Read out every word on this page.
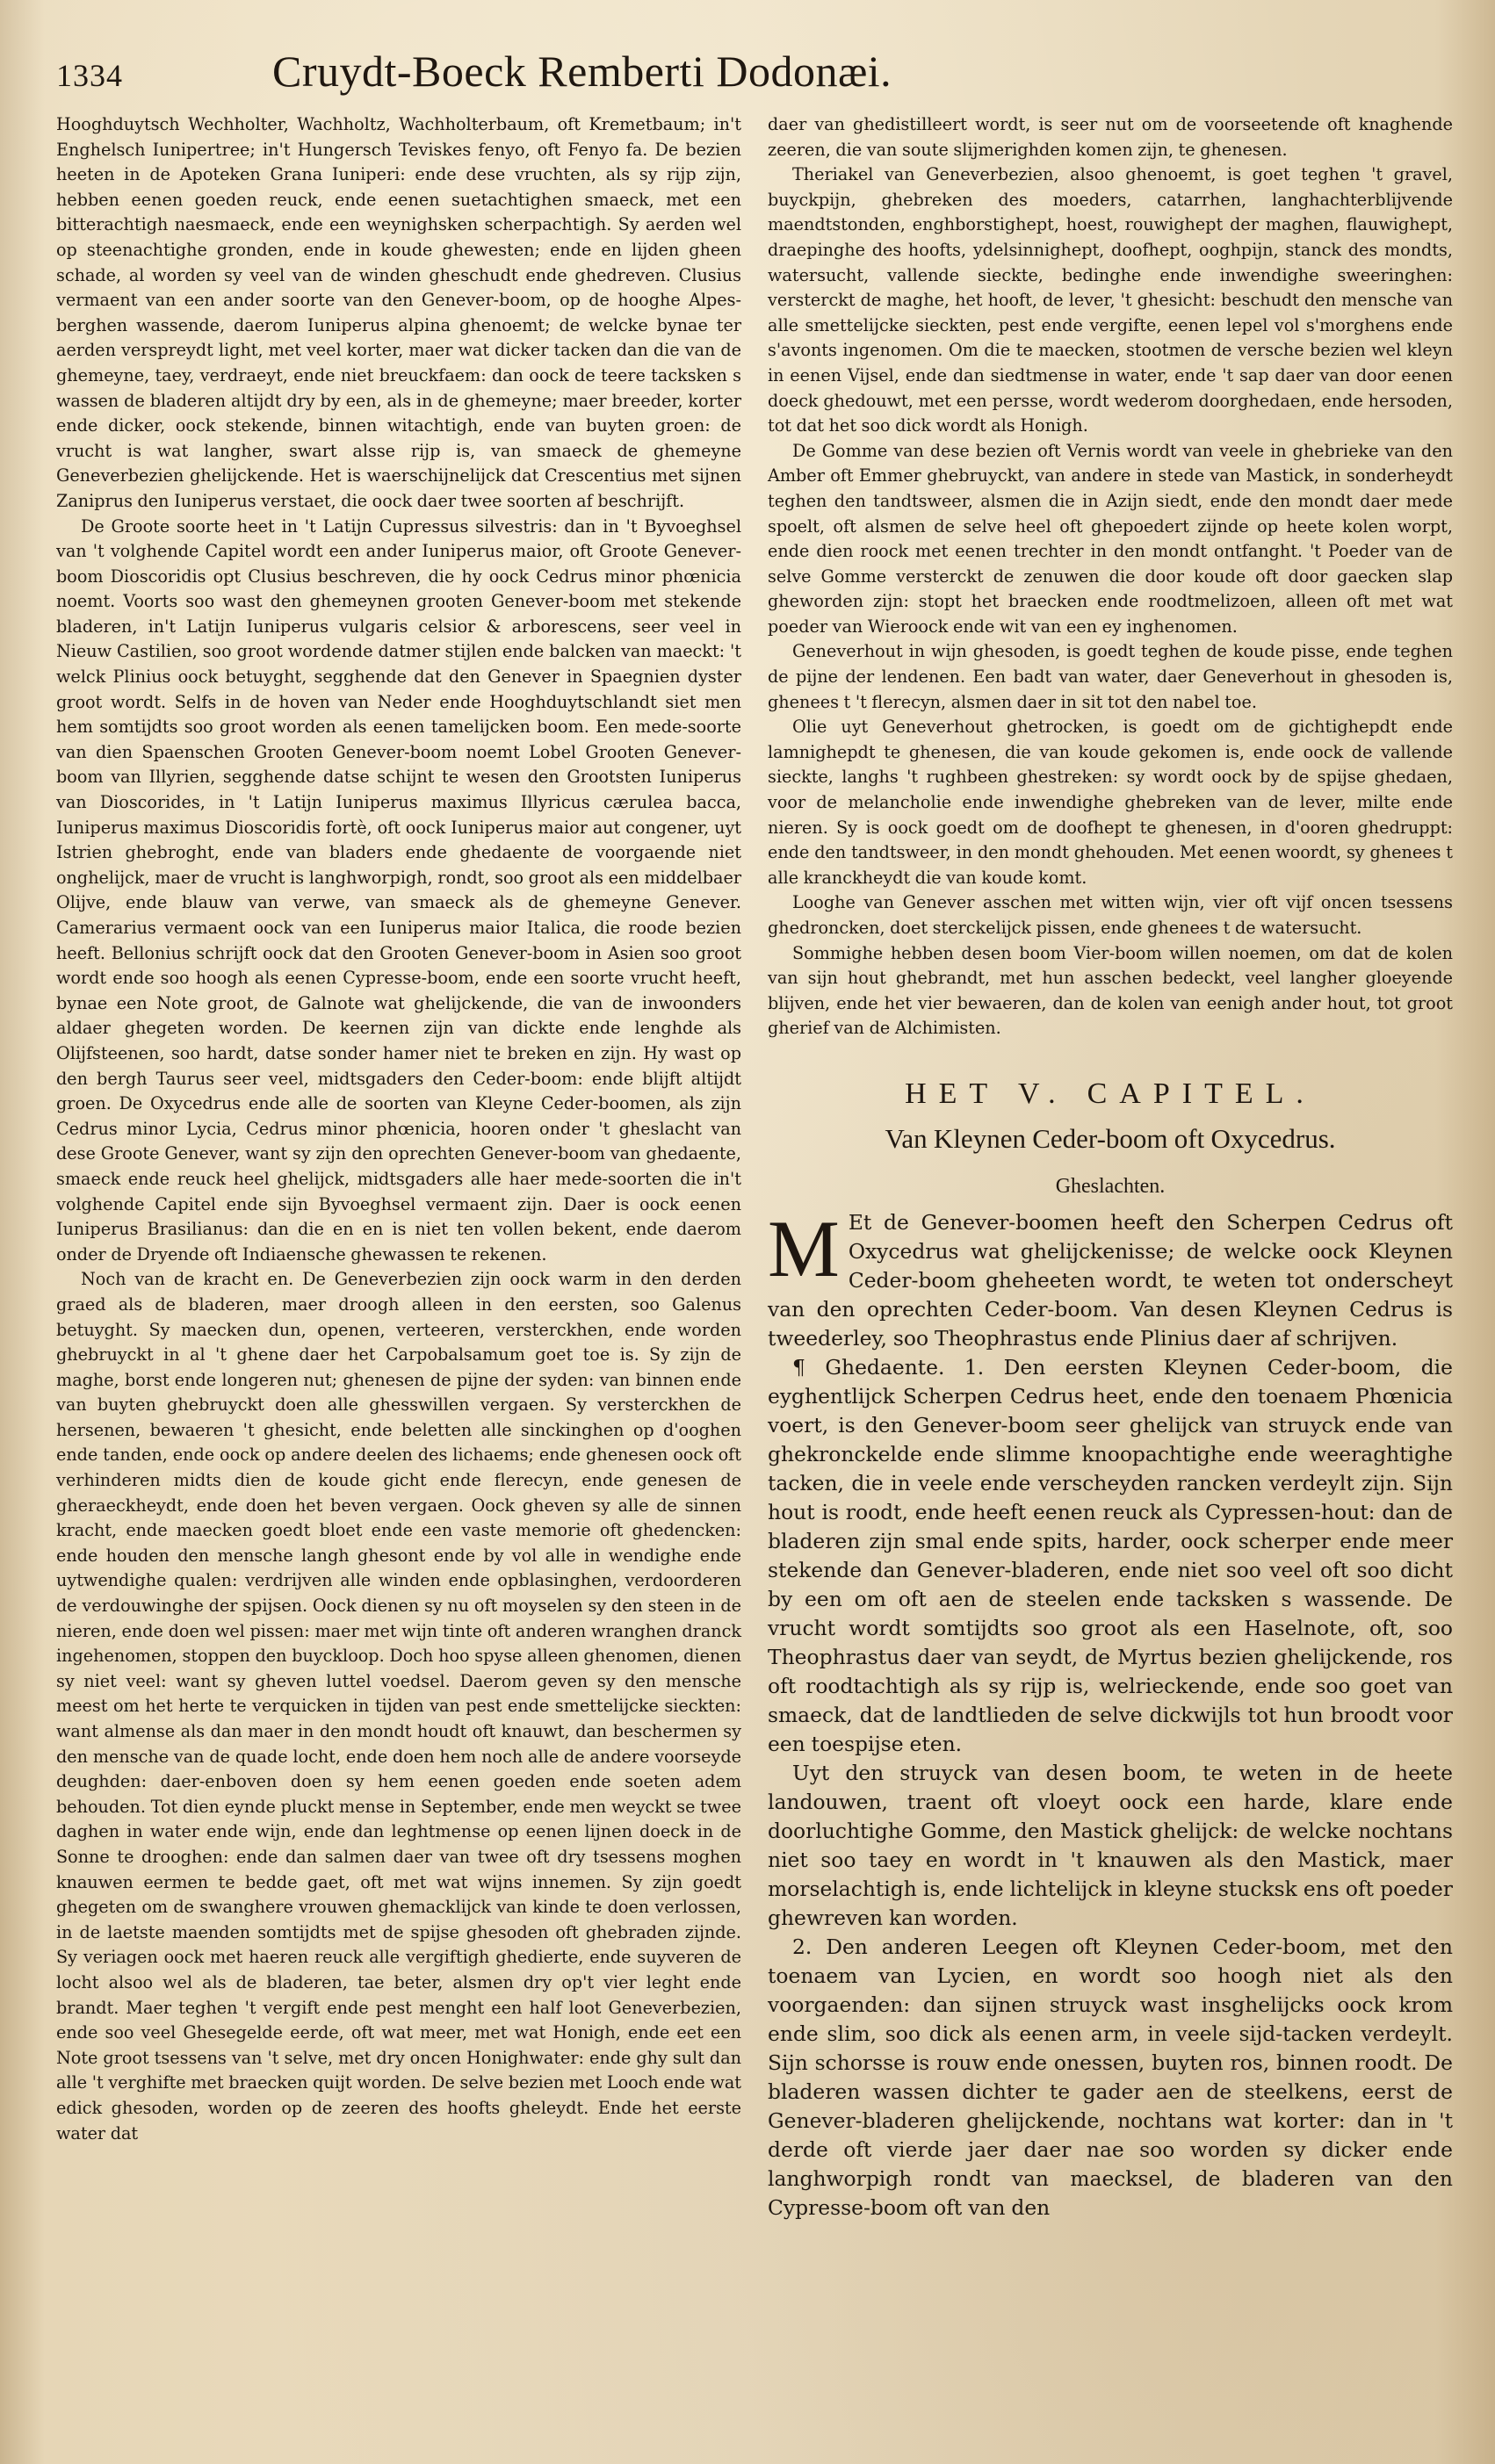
1334	Cruydt-Boeck Remberti Dodonæi.

Hooghduytsch Wechholter, Wachholtz, Wachholterbaum, oft Kremetbaum; in't Enghelsch Iunipertree; in't Hungersch Teviskes fenyo, oft Fenyo fa. De bezien heeten in de Apoteken Grana Iuniperi: ende dese vruchten, als sy rijp zijn, hebben eenen goeden reuck, ende eenen suetachtighen smaeck, met een bitterachtigh naesmaeck, ende een weynighsken scherpachtigh. Sy aerden wel op steenachtighe gronden, ende in koude ghewesten; ende en lijden gheen schade, al worden sy veel van de winden gheschudt ende ghedreven. Clusius vermaent van een ander soorte van den Genever-boom, op de hooghe Alpes-berghen wassende, daerom Iuniperus alpina ghenoemt; de welcke bynae ter aerden verspreydt light, met veel korter, maer wat dicker tacken dan die van de ghemeyne, taey, verdraeyt, ende niet breuckfaem: dan oock de teere tacksken s wassen de bladeren altijdt dry by een, als in de ghemeyne; maer breeder, korter ende dicker, oock stekende, binnen witachtigh, ende van buyten groen: de vrucht is wat langher, swart alsse rijp is, van smaeck de ghemeyne Geneverbezien ghelijckende. Het is waerschijnelijck dat Crescentius met sijnen Zaniprus den Iuniperus verstaet, die oock daer twee soorten af beschrijft.

De Groote soorte heet in 't Latijn Cupressus silvestris: dan in 't Byvoeghsel van 't volghende Capitel wordt een ander Iuniperus maior, oft Groote Genever-boom Dioscoridis opt Clusius beschreven, die hy oock Cedrus minor phœnicia noemt. Voorts soo wast den ghemeynen grooten Genever-boom met stekende bladeren, in't Latijn Iuniperus vulgaris celsior & arborescens, seer veel in Nieuw Castilien, soo groot wordende datmer stijlen ende balcken van maeckt: 't welck Plinius oock betuyght, segghende dat den Genever in Spaegnien dyster groot wordt. Selfs in de hoven van Neder ende Hooghduytschlandt siet men hem somtijdts soo groot worden als eenen tamelijcken boom. Een mede-soorte van dien Spaenschen Grooten Genever-boom noemt Lobel Grooten Genever-boom van Illyrien, segghende datse schijnt te wesen den Grootsten Iuniperus van Dioscorides, in 't Latijn Iuniperus maximus Illyricus cærulea bacca, Iuniperus maximus Dioscoridis fortè, oft oock Iuniperus maior aut congener, uyt Istrien ghebroght, ende van bladers ende ghedaente de voorgaende niet onghelijck, maer de vrucht is langhworpigh, rondt, soo groot als een middelbaer Olijve, ende blauw van verwe, van smaeck als de ghemeyne Genever. Camerarius vermaent oock van een Iuniperus maior Italica, die roode bezien heeft. Bellonius schrijft oock dat den Grooten Genever-boom in Asien soo groot wordt ende soo hoogh als eenen Cypresse-boom, ende een soorte vrucht heeft, bynae een Note groot, de Galnote wat ghelijckende, die van de inwoonders aldaer ghegeten worden. De keernen zijn van dickte ende lenghde als Olijfsteenen, soo hardt, datse sonder hamer niet te breken en zijn. Hy wast op den bergh Taurus seer veel, midtsgaders den Ceder-boom: ende blijft altijdt groen. De Oxycedrus ende alle de soorten van Kleyne Ceder-boomen, als zijn Cedrus minor Lycia, Cedrus minor phœnicia, hooren onder 't gheslacht van dese Groote Genever, want sy zijn den oprechten Genever-boom van ghedaente, smaeck ende reuck heel ghelijck, midtsgaders alle haer mede-soorten die in't volghende Capitel ende sijn Byvoeghsel vermaent zijn. Daer is oock eenen Iuniperus Brasilianus: dan die en en is niet ten vollen bekent, ende daerom onder de Dryende oft Indiaensche ghewassen te rekenen.

Noch van de kracht en. De Geneverbezien zijn oock warm in den derden graed als de bladeren, maer droogh alleen in den eersten, soo Galenus betuyght. Sy maecken dun, openen, verteeren, versterckhen, ende worden ghebruyckt in al 't ghene daer het Carpobalsamum goet toe is. Sy zijn de maghe, borst ende longeren nut; ghenesen de pijne der syden: van binnen ende van buyten ghebruyckt doen alle ghesswillen vergaen. Sy versterckhen de hersenen, bewaeren 't ghesicht, ende beletten alle sinckinghen op d'ooghen ende tanden, ende oock op andere deelen des lichaems; ende ghenesen oock oft verhinderen midts dien de koude gicht ende flerecyn, ende genesen de gheraeckheydt, ende doen het beven vergaen. Oock gheven sy alle de sinnen kracht, ende maecken goedt bloet ende een vaste memorie oft ghedencken: ende houden den mensche langh ghesont ende by vol alle in wendighe ende uytwendighe qualen: verdrijven alle winden ende opblasinghen, verdoorderen de verdouwinghe der spijsen. Oock dienen sy nu oft moyselen sy den steen in de nieren, ende doen wel pissen: maer met wijn tinte oft anderen wranghen dranck ingehenomen, stoppen den buyckloop. Doch hoo spyse alleen ghenomen, dienen sy niet veel: want sy gheven luttel voedsel. Daerom geven sy den mensche meest om het herte te verquicken in tijden van pest ende smettelijcke sieckten: want almense als dan maer in den mondt houdt oft knauwt, dan beschermen sy den mensche van de quade locht, ende doen hem noch alle de andere voorseyde deughden: daer-enboven doen sy hem eenen goeden ende soeten adem behouden. Tot dien eynde pluckt mense in September, ende men weyckt se twee daghen in water ende wijn, ende dan leghtmense op eenen lijnen doeck in de Sonne te drooghen: ende dan salmen daer van twee oft dry tsessens moghen knauwen eermen te bedde gaet, oft met wat wijns innemen. Sy zijn goedt ghegeten om de swanghere vrouwen ghemacklijck van kinde te doen verlossen, in de laetste maenden somtijdts met de spijse ghesoden oft ghebraden zijnde. Sy veriagen oock met haeren reuck alle vergiftigh ghedierte, ende suyveren de locht alsoo wel als de bladeren, tae beter, alsmen dry op't vier leght ende brandt. Maer teghen 't vergift ende pest menght een half loot Geneverbezien, ende soo veel Ghesegelde eerde, oft wat meer, met wat Honigh, ende eet een Note groot tsessens van 't selve, met dry oncen Honighwater: ende ghy sult dan alle 't verghifte met braecken quijt worden. De selve bezien met Looch ende wat edick ghesoden, worden op de zeeren des hoofts gheleydt. Ende het eerste water dat

daer van ghedistilleert wordt, is seer nut om de voorseetende oft knaghende zeeren, die van soute slijmerighden komen zijn, te ghenesen.

Theriakel van Geneverbezien, alsoo ghenoemt, is goet teghen 't gravel, buyckpijn, ghebreken des moeders, catarrhen, langhachterblijvende maendtstonden, enghborstighept, hoest, rouwighept der maghen, flauwighept, draepinghe des hoofts, ydelsinnighept, doofhept, ooghpijn, stanck des mondts, watersucht, vallende sieckte, bedinghe ende inwendighe sweeringhen: versterckt de maghe, het hooft, de lever, 't ghesicht: beschudt den mensche van alle smettelijcke sieckten, pest ende vergifte, eenen lepel vol s'morghens ende s'avonts ingenomen. Om die te maecken, stootmen de versche bezien wel kleyn in eenen Vijsel, ende dan siedtmense in water, ende 't sap daer van door eenen doeck ghedouwt, met een persse, wordt wederom doorghedaen, ende hersoden, tot dat het soo dick wordt als Honigh.

De Gomme van dese bezien oft Vernis wordt van veele in ghebrieke van den Amber oft Emmer ghebruyckt, van andere in stede van Mastick, in sonderheydt teghen den tandtsweer, alsmen die in Azijn siedt, ende den mondt daer mede spoelt, oft alsmen de selve heel oft ghepoedert zijnde op heete kolen worpt, ende dien roock met eenen trechter in den mondt ontfanght. 't Poeder van de selve Gomme versterckt de zenuwen die door koude oft door gaecken slap gheworden zijn: stopt het braecken ende roodtmelizoen, alleen oft met wat poeder van Wieroock ende wit van een ey inghenomen.

Geneverhout in wijn ghesoden, is goedt teghen de koude pisse, ende teghen de pijne der lendenen. Een badt van water, daer Geneverhout in ghesoden is, ghenees t 't flerecyn, alsmen daer in sit tot den nabel toe.

Olie uyt Geneverhout ghetrocken, is goedt om de gichtighepdt ende lamnighepdt te ghenesen, die van koude gekomen is, ende oock de vallende sieckte, langhs 't rughbeen ghestreken: sy wordt oock by de spijse ghedaen, voor de melancholie ende inwendighe ghebreken van de lever, milte ende nieren. Sy is oock goedt om de doofhept te ghenesen, in d'ooren ghedruppt: ende den tandtsweer, in den mondt ghehouden. Met eenen woordt, sy ghenees t alle kranckheydt die van koude komt.

Looghe van Genever asschen met witten wijn, vier oft vijf oncen tsessens ghedroncken, doet sterckelijck pissen, ende ghenees t de watersucht.

Sommighe hebben desen boom Vier-boom willen noemen, om dat de kolen van sijn hout ghebrandt, met hun asschen bedeckt, veel langher gloeyende blijven, ende het vier bewaeren, dan de kolen van eenigh ander hout, tot groot gherief van de Alchimisten.

HET V. CAPITEL.
Van Kleynen Ceder-boom oft Oxycedrus.
Gheslachten.

M Et de Genever-boomen heeft den Scherpen Cedrus oft Oxycedrus wat ghelijckenisse; de welcke oock Kleynen Ceder-boom gheheeten wordt, te weten tot onderscheyt van den oprechten Ceder-boom. Van desen Kleynen Cedrus is tweederley, soo Theophrastus ende Plinius daer af schrijven.

¶ Ghedaente. 1. Den eersten Kleynen Ceder-boom, die eyghentlijck Scherpen Cedrus heet, ende den toenaem Phœnicia voert, is den Genever-boom seer ghelijck van struyck ende van ghekronckelde ende slimme knoopachtighe ende weeraghtighe tacken, die in veele ende verscheyden rancken verdeylt zijn. Sijn hout is roodt, ende heeft eenen reuck als Cypressen-hout: dan de bladeren zijn smal ende spits, harder, oock scherper ende meer stekende dan Genever-bladeren, ende niet soo veel oft soo dicht by een om oft aen de steelen ende tacksken s wassende. De vrucht wordt somtijdts soo groot als een Haselnote, oft, soo Theophrastus daer van seydt, de Myrtus bezien ghelijckende, ros oft roodtachtigh als sy rijp is, welrieckende, ende soo goet van smaeck, dat de landtlieden de selve dickwijls tot hun broodt voor een toespijse eten.

Uyt den struyck van desen boom, te weten in de heete landouwen, traent oft vloeyt oock een harde, klare ende doorluchtighe Gomme, den Mastick ghelijck: de welcke nochtans niet soo taey en wordt in 't knauwen als den Mastick, maer morselachtigh is, ende lichtelijck in kleyne stucksk ens oft poeder ghewreven kan worden.

2. Den anderen Leegen oft Kleynen Ceder-boom, met den toenaem van Lycien, en wordt soo hoogh niet als den voorgaenden: dan sijnen struyck wast insghelijcks oock krom ende slim, soo dick als eenen arm, in veele sijd-tacken verdeylt. Sijn schorsse is rouw ende onessen, buyten ros, binnen roodt. De bladeren wassen dichter te gader aen de steelkens, eerst de Genever-bladeren ghelijckende, nochtans wat korter: dan in 't derde oft vierde jaer daer nae soo worden sy dicker ende langhworpigh rondt van maecksel, de bladeren van den Cypresse-boom oft van den
